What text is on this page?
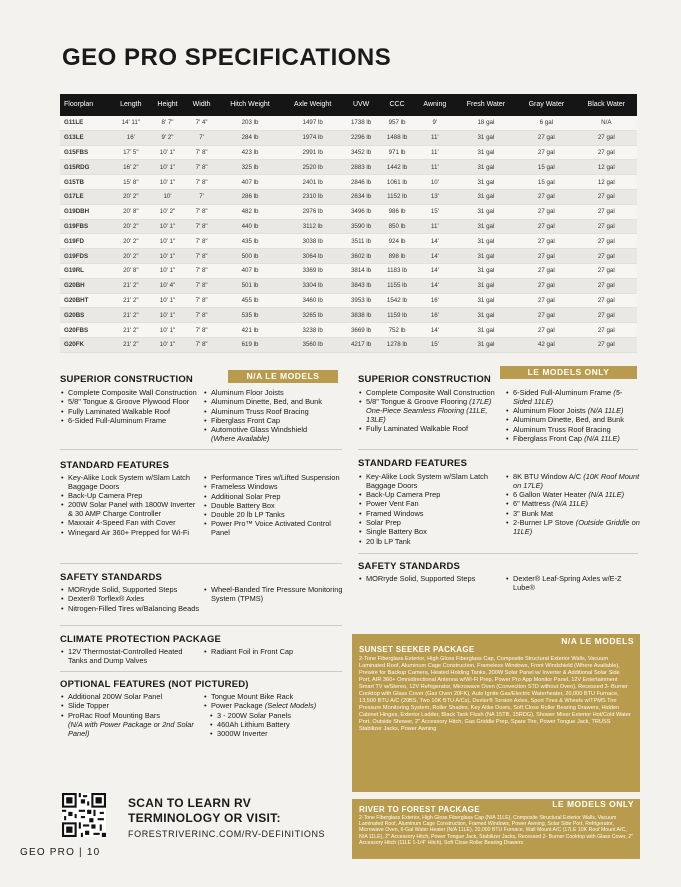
GEO PRO SPECIFICATIONS
Floorplan	Length	Height	Width	Hitch Weight	Axle Weight	UVW	CCC	Awning	Fresh Water	Gray Water	Black Water
G11LE	14' 11"	8' 7"	7' 4"	203 lb	1497 lb	1738 lb	957 lb	9'	18 gal	6 gal	N/A
G13LE	16'	9' 2"	7'	284 lb	1974 lb	2296 lb	1488 lb	11'	31 gal	27 gal	27 gal
G15FBS	17' 5"	10' 1"	7' 8"	423 lb	2991 lb	3452 lb	971 lb	11'	31 gal	27 gal	27 gal
G15RDG	16' 2"	10' 1"	7' 8"	325 lb	2520 lb	2883 lb	1442 lb	11'	31 gal	15 gal	12 gal
G15TB	15' 8"	10' 1"	7' 8"	407 lb	2401 lb	2846 lb	1061 lb	10'	31 gal	15 gal	12 gal
G17LE	20' 2"	10'	7'	286 lb	2310 lb	2634 lb	1152 lb	13'	31 gal	27 gal	27 gal
G19DBH	20' 8"	10' 2"	7' 8"	482 lb	2976 lb	3496 lb	986 lb	15'	31 gal	27 gal	27 gal
G19FBS	20' 2"	10' 1"	7' 8"	440 lb	3112 lb	3590 lb	850 lb	11'	31 gal	27 gal	27 gal
G19FD	20' 2"	10' 1"	7' 8"	435 lb	3038 lb	3511 lb	924 lb	14'	31 gal	27 gal	27 gal
G19FDS	20' 2"	10' 1"	7' 8"	500 lb	3064 lb	3602 lb	898 lb	14'	31 gal	27 gal	27 gal
G19RL	20' 8"	10' 1"	7' 8"	407 lb	3369 lb	3814 lb	1183 lb	14'	31 gal	27 gal	27 gal
G20BH	21' 2"	10' 4"	7' 8"	501 lb	3304 lb	3843 lb	1155 lb	14'	31 gal	27 gal	27 gal
G20BHT	21' 2"	10' 1"	7' 8"	455 lb	3460 lb	3953 lb	1542 lb	16'	31 gal	27 gal	27 gal
G20BS	21' 2"	10' 1"	7' 8"	535 lb	3265 lb	3838 lb	1159 lb	16'	31 gal	27 gal	27 gal
G20FBS	21' 2"	10' 1"	7' 8"	421 lb	3238 lb	3669 lb	752 lb	14'	31 gal	27 gal	27 gal
G20FK	21' 2"	10' 1"	7' 8"	619 lb	3560 lb	4217 lb	1278 lb	15'	31 gal	42 gal	27 gal
N/A LE MODELS
SUPERIOR CONSTRUCTION
• Complete Composite Wall Construction
• 5/8" Tongue & Groove Plywood Floor
• Fully Laminated Walkable Roof
• 6-Sided Full-Aluminum Frame
• Aluminum Floor Joists
• Aluminum Dinette, Bed, and Bunk
• Aluminum Truss Roof Bracing
• Fiberglass Front Cap
• Automotive Glass Windshield
(Where Available)
STANDARD FEATURES
• Key-Alike Lock System w/Slam Latch Baggage Doors
• Back-Up Camera Prep
• 200W Solar Panel with 1800W Inverter & 30 AMP Charge Controller
• Maxxair 4-Speed Fan with Cover
• Winegard Air 360+ Prepped for Wi-Fi
• Performance Tires w/Lifted Suspension
• Frameless Windows
• Additional Solar Prep
• Double Battery Box
• Double 20 lb LP Tanks
• Power Pro™ Voice Activated Control Panel
SAFETY STANDARDS
• MORryde Solid, Supported Steps
• Dexter® Torflex® Axles
• Nitrogen-Filled Tires w/Balancing Beads
• Wheel-Banded Tire Pressure Monitoring System (TPMS)
CLIMATE PROTECTION PACKAGE
• 12V Thermostat-Controlled Heated Tanks and Dump Valves
• Radiant Foil in Front Cap
OPTIONAL FEATURES (NOT PICTURED)
• Additional 200W Solar Panel
• Slide Topper
• ProRac Roof Mounting Bars
(N/A with Power Package or 2nd Solar Panel)
• Tongue Mount Bike Rack
• Power Package (Select Models)
• 3 - 200W Solar Panels
• 460Ah Lithium Battery
• 3000W Inverter
SUPERIOR CONSTRUCTION
LE MODELS ONLY
• Complete Composite Wall Construction
• 5/8" Tongue & Groove Flooring (17LE) One-Piece Seamless Flooring (11LE, 13LE)
• Fully Laminated Walkable Roof
• 6-Sided Full-Aluminum Frame (5-Sided 11LE)
• Aluminum Floor Joists (N/A 11LE)
• Aluminum Dinette, Bed, and Bunk
• Aluminum Truss Roof Bracing
• Fiberglass Front Cap (N/A 11LE)
STANDARD FEATURES
• Key-Alike Lock System w/Slam Latch Baggage Doors
• Back-Up Camera Prep
• Power Vent Fan
• Framed Windows
• Solar Prep
• Single Battery Box
• 20 lb LP Tank
• 8K BTU Window A/C (10K Roof Mount on 17LE)
• 6 Gallon Water Heater (N/A 11LE)
• 6" Mattress (N/A 11LE)
• 3" Bunk Mat
• 2-Burner LP Stove (Outside Griddle on 11LE)
SAFETY STANDARDS
• MORryde Solid, Supported Steps	• Dexter® Leaf-Spring Axles w/E-Z Lube®
SUNSET SEEKER PACKAGE
N/A LE MODELS
2-Tone Fiberglass Exterior, High Gloss Fiberglass Cap, Composite Structural Exterior Walls, Vacuum Laminated Roof, Aluminum Cage Construction, Frameless Windows, Front Windshield (Where Available), Prewire for Backup Camera, Heated Holding Tanks, 200W Solar Panel w/ Inverter & Additional Solar Side Port, AIR 360+ Omnidirectional Antenna w/Wi-Fi Prep, Power Pro App Monitor Panel, 12V Entertainment Smart TV w/Stereo, 12V Refrigerator, Microwave Oven (Convection STD without Oven), Recessed 3- Burner Cooktop with Glass Cover (Gas Oven 20FK), Auto Ignite Gas/Electric Waterheater, 20,000 BTU Furnace, 13,500 BTU A/C (20BS, Two 10K BTU A/Cs), Dexter® Torsion Axles, Sport Tires & Wheels w/TPMS Tire Pressure Monitoring System, Roller Shades, Key Alike Doors, Soft Close Roller Bearing Drawers, Hidden Cabinet Hinges, Exterior Ladder, Black Tank Flush (NA 15TB, 15RDG), Shower Mixer Exterior Hot/Cold Water Port, Outside Shower, 2" Accessory Hitch, Gas Griddle Prep, Spare Tire, Power Tongue Jack, TRUSS Stabilizer Jacks, Power Awning
RIVER TO FOREST PACKAGE
LE MODELS ONLY
2-Tone Fiberglass Exterior, High Gloss Fiberglass Cap (N/A 11LE), Composite Structural Exterior Walls, Vacuum Laminated Roof, Aluminum Cage Construction, Framed Windows, Power Awning, Solar Side Port, Refrigerator, Microwave Oven, 6-Gal Water Heater (N/A 11LE), 20,000 BTU Furnace, Wall Mount A/C (17LE 10K Roof Mount A/C, N/A 11LE), 2" Accessory Hitch, Power Tongue Jack, Stabilizer Jacks, Recessed 2- Burner Cooktop with Glass Cover, 2" Accessory Hitch (11LE 1-1/4" Hitch), Soft Close Roller Bearing Drawers
SCAN TO LEARN RV
TERMINOLOGY OR VISIT:
FORESTRIVERINC.COM/RV-DEFINITIONS
GEO PRO | 10
